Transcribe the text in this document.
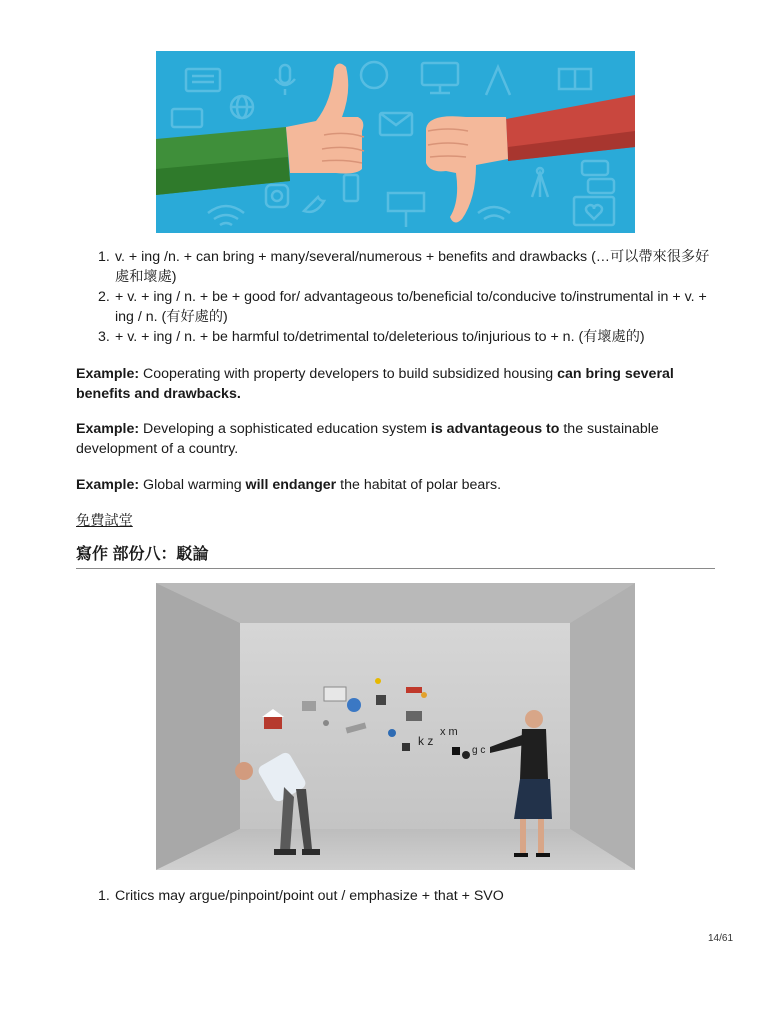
1. v. + ing /n. + can bring + many/several/numerous + benefits and drawbacks (…可以帶來很多好處和壞處)
2. + v. + ing / n. + be + good for/ advantageous to/beneficial to/conducive to/instrumental in + v. + ing / n. (有好處的)
3. + v. + ing / n. + be harmful to/detrimental to/deleterious to/injurious to + n. (有壞處的)
Example: Cooperating with property developers to build subsidized housing can bring several benefits and drawbacks.
Example: Developing a sophisticated education system is advantageous to the sustainable development of a country.
Example: Global warming will endanger the habitat of polar bears.
免費試堂
寫作 部份八：駁論
k z
x m
g c
1. Critics may argue/pinpoint/point out / emphasize + that + SVO
14/61
